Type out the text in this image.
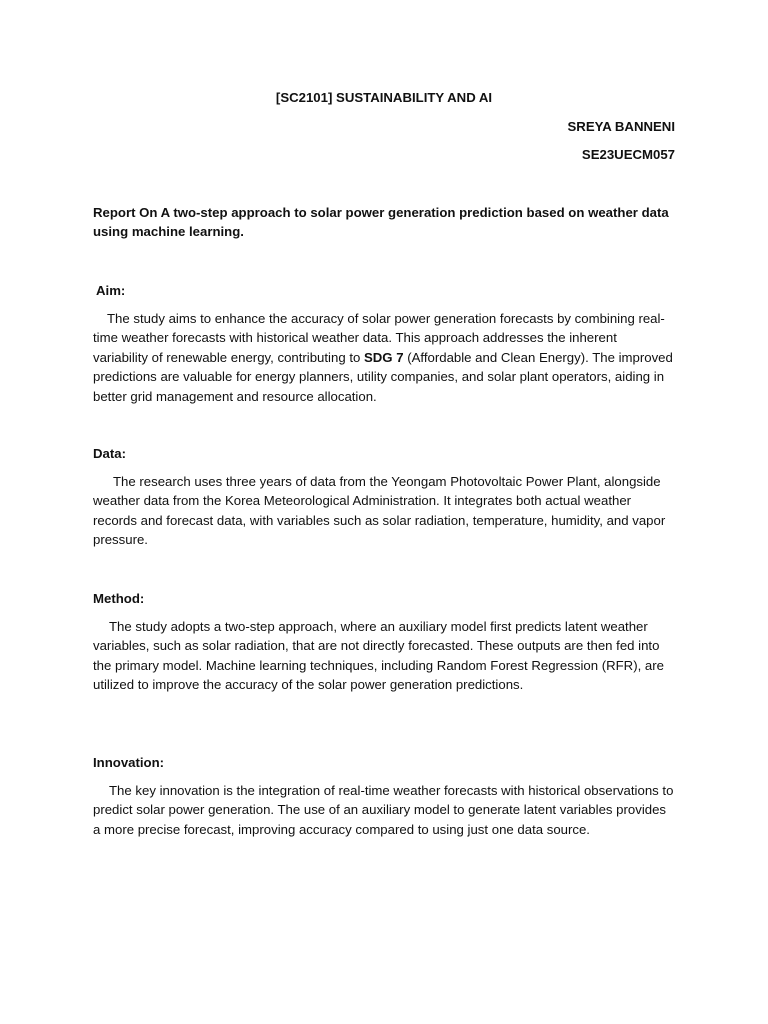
[SC2101] SUSTAINABILITY AND AI

SREYA BANNENI

SE23UECM057

Report On A two-step approach to solar power generation prediction based on weather data using machine learning.

Aim:

The study aims to enhance the accuracy of solar power generation forecasts by combining real-time weather forecasts with historical weather data. This approach addresses the inherent variability of renewable energy, contributing to SDG 7 (Affordable and Clean Energy). The improved predictions are valuable for energy planners, utility companies, and solar plant operators, aiding in better grid management and resource allocation.

Data:

The research uses three years of data from the Yeongam Photovoltaic Power Plant, alongside weather data from the Korea Meteorological Administration. It integrates both actual weather records and forecast data, with variables such as solar radiation, temperature, humidity, and vapor pressure.

Method:

The study adopts a two-step approach, where an auxiliary model first predicts latent weather variables, such as solar radiation, that are not directly forecasted. These outputs are then fed into the primary model. Machine learning techniques, including Random Forest Regression (RFR), are utilized to improve the accuracy of the solar power generation predictions.

Innovation:

The key innovation is the integration of real-time weather forecasts with historical observations to predict solar power generation. The use of an auxiliary model to generate latent variables provides a more precise forecast, improving accuracy compared to using just one data source.
